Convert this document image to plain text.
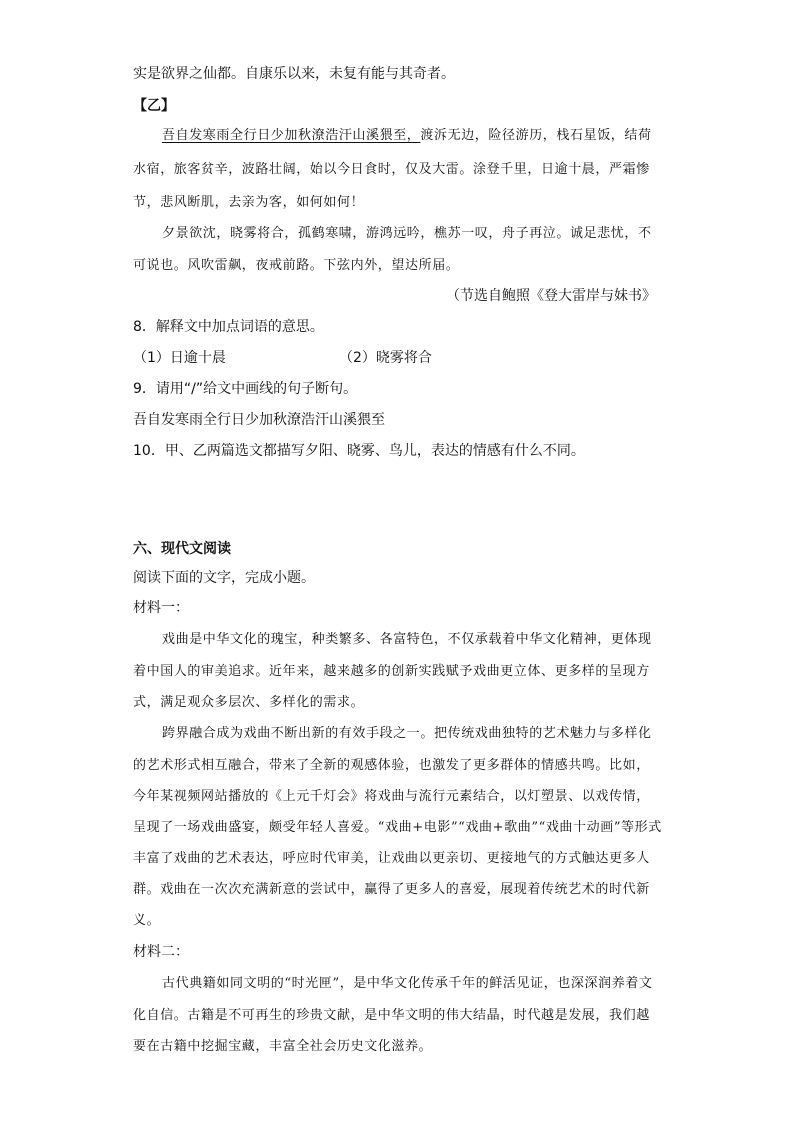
实是欲界之仙都。自康乐以来，未复有能与其奇者。
【乙】
吾自发寒雨全行日少加秋潦浩汗山溪猥至，渡泝无边，险径游历，栈石星饭，结荷
水宿，旅客贫辛，波路壮阔，始以今日食时，仅及大雷。涂登千里，日逾十晨，严霜惨
节，悲风断肌，去亲为客，如何如何！
夕景欲沈，晓雾将合，孤鹤寒啸，游鸿远吟，樵苏一叹，舟子再泣。诚足悲忧，不
可说也。风吹雷飙，夜戒前路。下弦内外，望达所届。
（节选自鲍照《登大雷岸与妹书》
8．解释文中加点词语的意思。
（1）日逾十晨	（2）晓雾将合
9．请用“/”给文中画线的句子断句。
吾自发寒雨全行日少加秋潦浩汗山溪猥至
10．甲、乙两篇选文都描写夕阳、晓雾、鸟儿，表达的情感有什么不同。
六、现代文阅读
阅读下面的文字，完成小题。
材料一：
戏曲是中华文化的瑰宝，种类繁多、各富特色，不仅承载着中华文化精神，更体现
着中国人的审美追求。近年来，越来越多的创新实践赋予戏曲更立体、更多样的呈现方
式，满足观众多层次、多样化的需求。
跨界融合成为戏曲不断出新的有效手段之一。把传统戏曲独特的艺术魅力与多样化
的艺术形式相互融合，带来了全新的观感体验，也激发了更多群体的情感共鸣。比如，
今年某视频网站播放的《上元千灯会》将戏曲与流行元素结合，以灯塑景、以戏传情，
呈现了一场戏曲盛宴，颇受年轻人喜爱。“戏曲+电影”“戏曲+歌曲”“戏曲十动画”等形式
丰富了戏曲的艺术表达，呼应时代审美，让戏曲以更亲切、更接地气的方式触达更多人
群。戏曲在一次次充满新意的尝试中，赢得了更多人的喜爱，展现着传统艺术的时代新
义。
材料二：
古代典籍如同文明的“时光匣”，是中华文化传承千年的鲜活见证，也深深润养着文
化自信。古籍是不可再生的珍贵文献，是中华文明的伟大结晶，时代越是发展，我们越
要在古籍中挖掘宝藏，丰富全社会历史文化滋养。
